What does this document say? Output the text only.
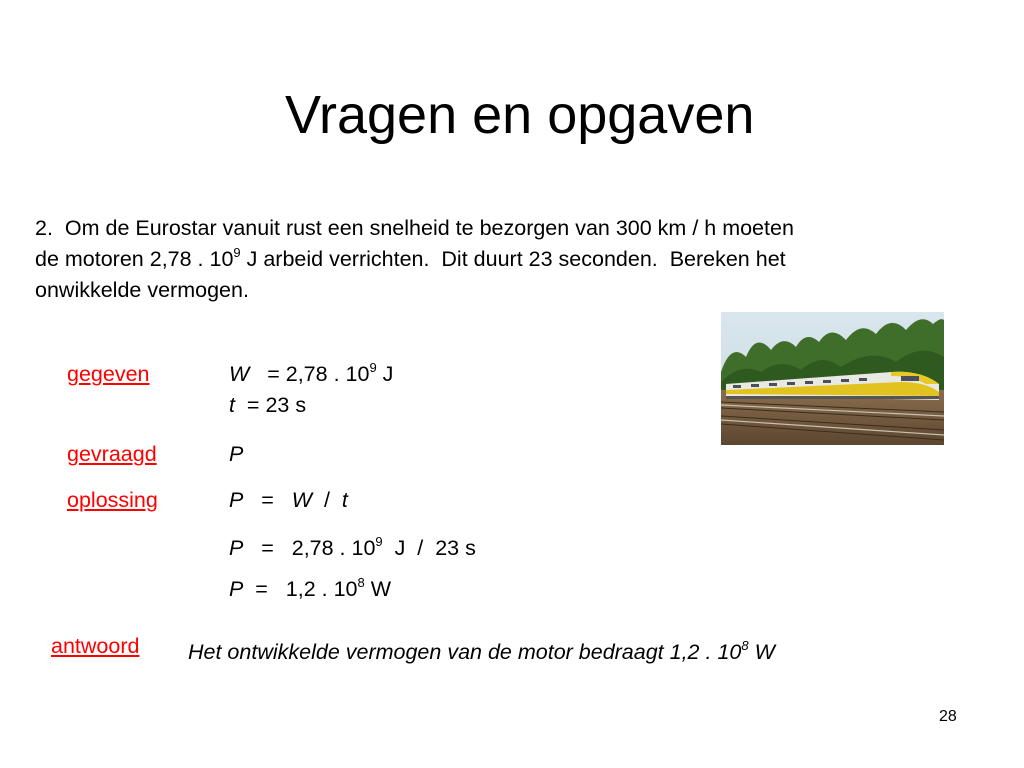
Vragen en opgaven
2.  Om de Eurostar vanuit rust een snelheid te bezorgen van 300 km / h moeten
de motoren 2,78 . $10^9$ J arbeid verrichten.  Dit duurt 23 seconden.  Bereken het
onwikkelde vermogen.
gegeven	W   = 2,78 . $10^9$ J
t  = 23 s
gevraagd	P
oplossing	P   =   W  /  t
P   =   2,78 . $10^9$  J  /  23 s
P  =   1,2 . $10^8$ W
antwoord Het ontwikkelde vermogen van de motor bedraagt 1,2 . $10^8$ W
28
